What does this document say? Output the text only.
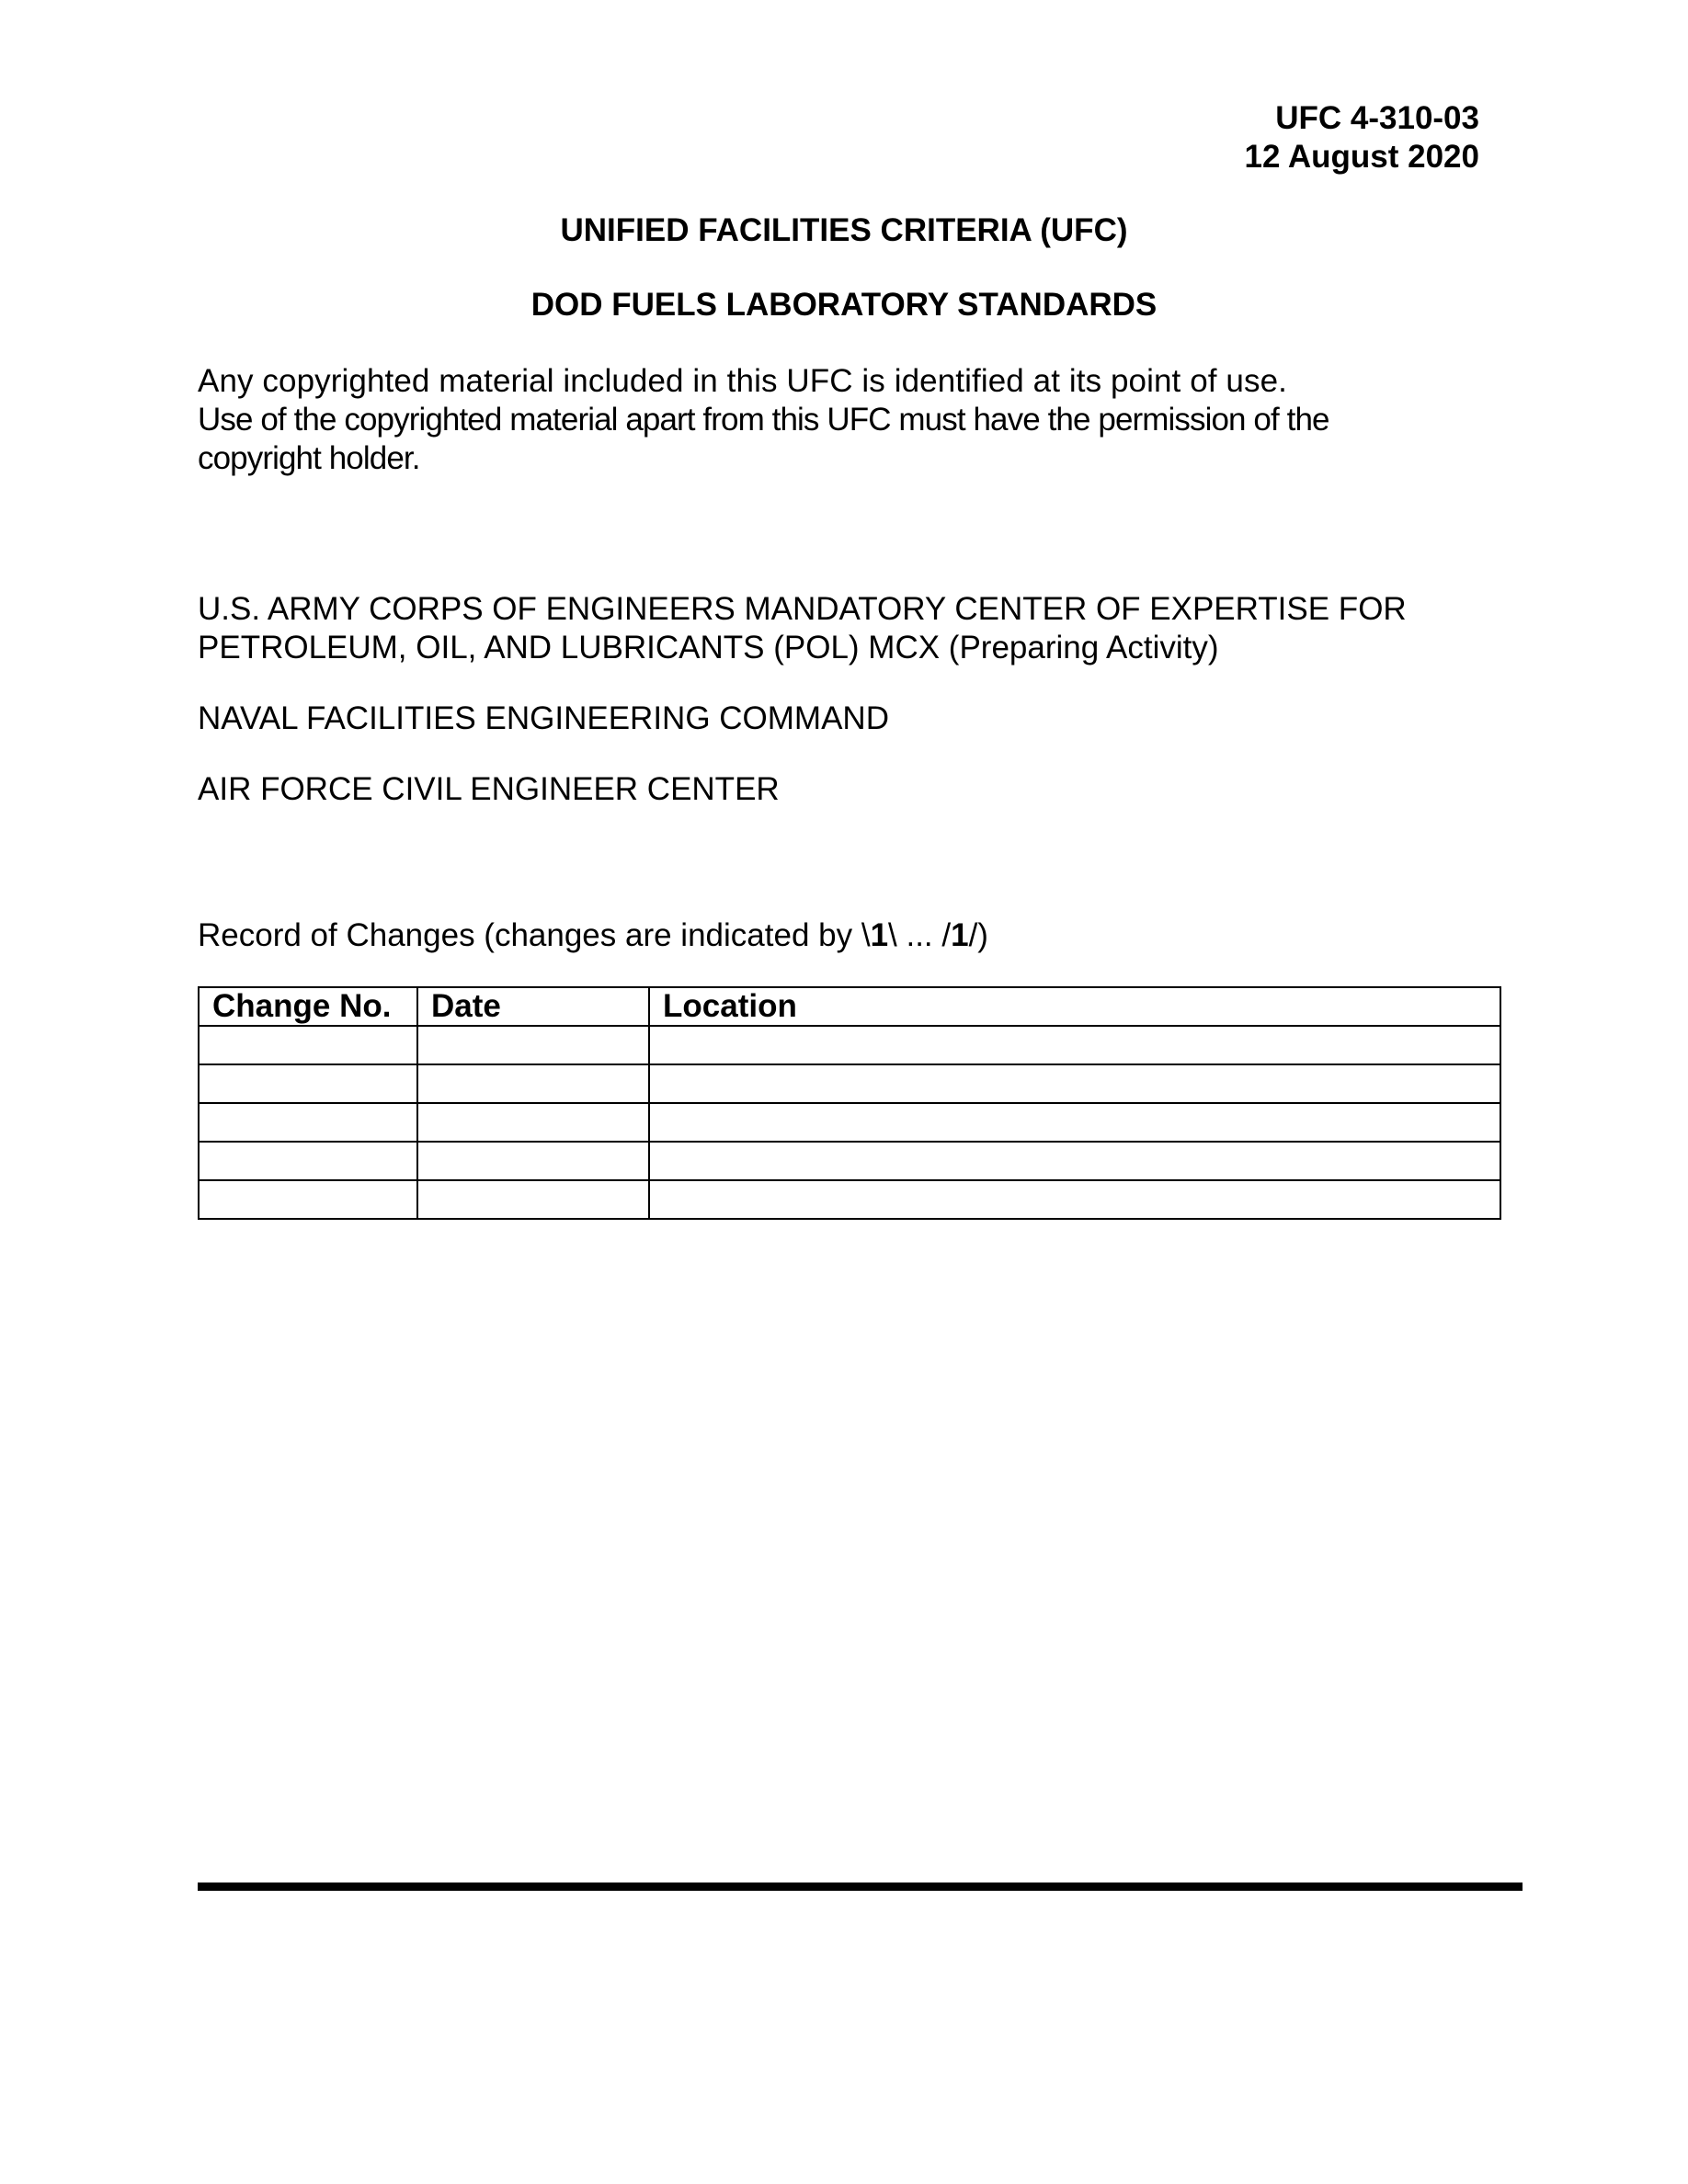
UFC 4-310-03
12 August 2020
UNIFIED FACILITIES CRITERIA (UFC)
DOD FUELS LABORATORY STANDARDS
Any copyrighted material included in this UFC is identified at its point of use.
Use of the copyrighted material apart from this UFC must have the permission of the
copyright holder.
U.S. ARMY CORPS OF ENGINEERS MANDATORY CENTER OF EXPERTISE FOR
PETROLEUM, OIL, AND LUBRICANTS (POL) MCX (Preparing Activity)
NAVAL FACILITIES ENGINEERING COMMAND
AIR FORCE CIVIL ENGINEER CENTER
Record of Changes (changes are indicated by \1\ ... /1/)
Change No.	Date	Location
